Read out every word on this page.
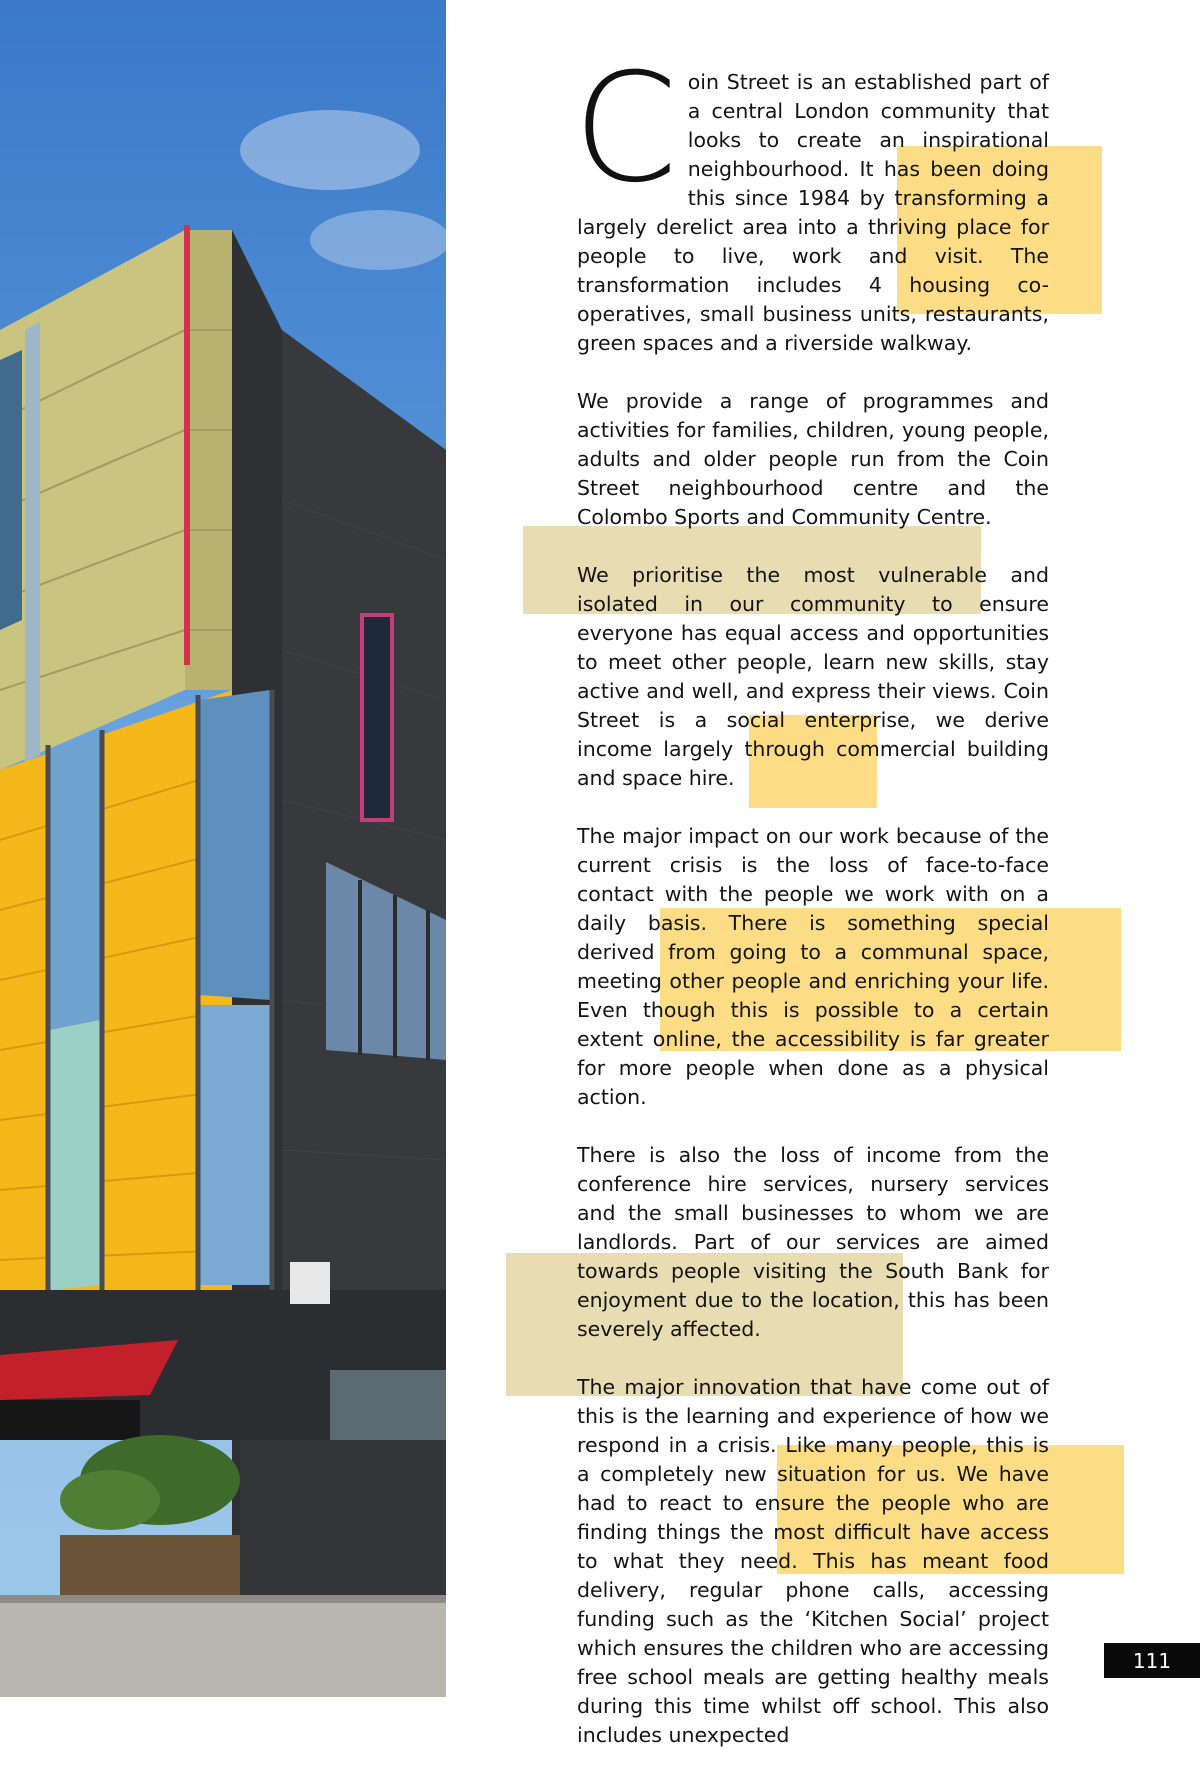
Coin Street is an established part of a central London community that looks to create an inspirational neighbourhood. It has been doing this since 1984 by transforming a largely derelict area into a thriving place for people to live, work and visit. The transformation includes 4 housing co-operatives, small business units, restaurants, green spaces and a riverside walkway.

We provide a range of programmes and activities for families, children, young people, adults and older people run from the Coin Street neighbourhood centre and the Colombo Sports and Community Centre.

We prioritise the most vulnerable and isolated in our community to ensure everyone has equal access and opportunities to meet other people, learn new skills, stay active and well, and express their views. Coin Street is a social enterprise, we derive income largely through commercial building and space hire.

The major impact on our work because of the current crisis is the loss of face-to-face contact with the people we work with on a daily basis. There is something special derived from going to a communal space, meeting other people and enriching your life. Even though this is possible to a certain extent online, the accessibility is far greater for more people when done as a physical action.

There is also the loss of income from the conference hire services, nursery services and the small businesses to whom we are landlords. Part of our services are aimed towards people visiting the South Bank for enjoyment due to the location, this has been severely affected.

The major innovation that have come out of this is the learning and experience of how we respond in a crisis. Like many people, this is a completely new situation for us. We have had to react to ensure the people who are finding things the most difficult have access to what they need. This has meant food delivery, regular phone calls, accessing funding such as the ‘Kitchen Social’ project which ensures the children who are accessing free school meals are getting healthy meals during this time whilst off school. This also includes unexpected

111
